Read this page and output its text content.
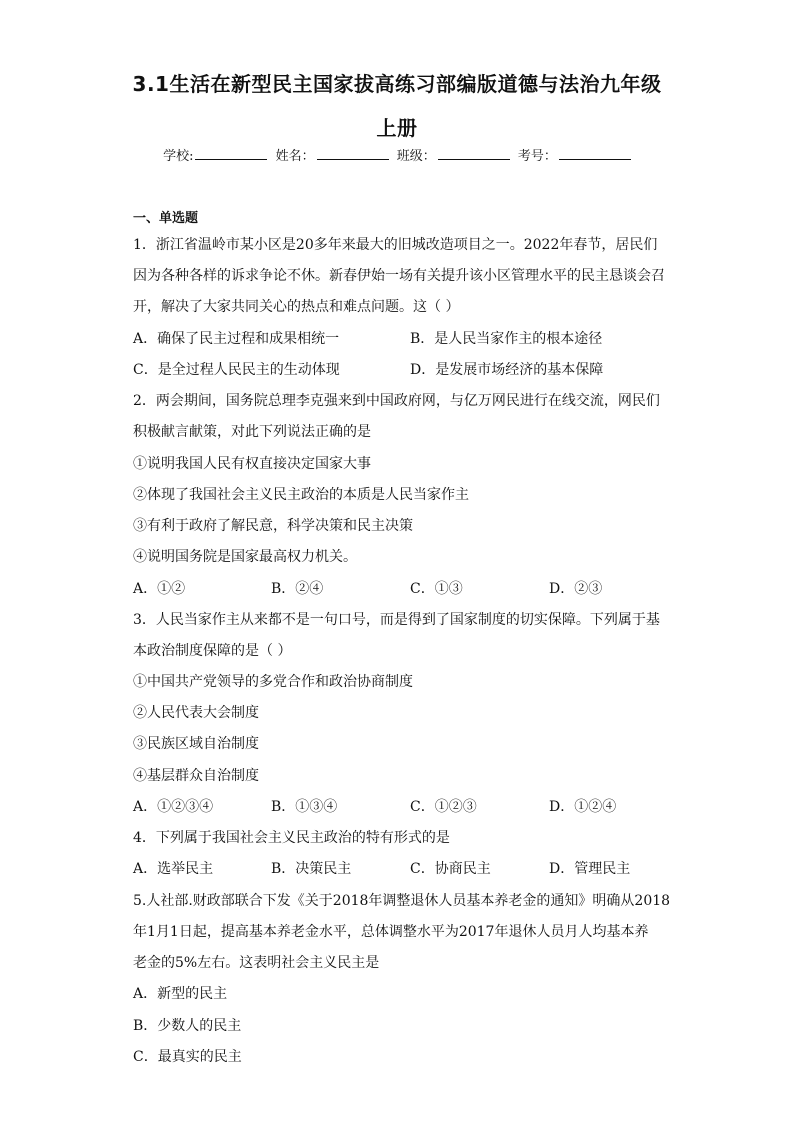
3.1生活在新型民主国家拔高练习部编版道德与法治九年级
上册
学校:	姓名：	班级：	考号：
一、单选题
1．浙江省温岭市某小区是20多年来最大的旧城改造项目之一。2022年春节，居民们
因为各种各样的诉求争论不休。新春伊始一场有关提升该小区管理水平的民主恳谈会召
开，解决了大家共同关心的热点和难点问题。这（ ）
A．确保了民主过程和成果相统一	B．是人民当家作主的根本途径
C．是全过程人民民主的生动体现	D．是发展市场经济的基本保障
2．两会期间，国务院总理李克强来到中国政府网，与亿万网民进行在线交流，网民们
积极献言献策，对此下列说法正确的是
①说明我国人民有权直接决定国家大事
②体现了我国社会主义民主政治的本质是人民当家作主
③有利于政府了解民意，科学决策和民主决策
④说明国务院是国家最高权力机关。
A．①②	B．②④	C．①③	D．②③
3．人民当家作主从来都不是一句口号，而是得到了国家制度的切实保障。下列属于基
本政治制度保障的是（ ）
①中国共产党领导的多党合作和政治协商制度
②人民代表大会制度
③民族区域自治制度
④基层群众自治制度
A．①②③④	B．①③④	C．①②③	D．①②④
4．下列属于我国社会主义民主政治的特有形式的是
A．选举民主	B．决策民主	C．协商民主	D．管理民主
5.人社部.财政部联合下发《关于2018年调整退休人员基本养老金的通知》明确从2018
年1月1日起，提高基本养老金水平，总体调整水平为2017年退休人员月人均基本养
老金的5%左右。这表明社会主义民主是
A．新型的民主
B．少数人的民主
C．最真实的民主
